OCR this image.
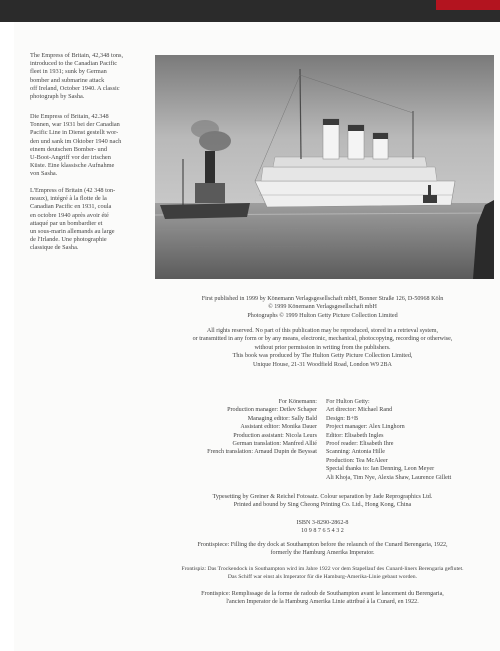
The Empress of Britain, 42,348 tons,

introduced to the Canadian Pacific

fleet in 1931; sunk by German

bomber and submarine attack

off Ireland, October 1940. A classic

photograph by Sasha.

Die Empress of Britain, 42.348

Tonnen, war 1931 bei der Canadian

Pacific Line in Dienst gestellt wor-

den und sank im Oktober 1940 nach

einem deutschen Bomber- und

U-Boot-Angriff vor der irischen

Küste. Eine klassische Aufnahme

von Sasha.

L'Empress of Britain (42 348 ton-

neaux), intégré à la flotte de la

Canadian Pacific en 1931, coula

en octobre 1940 après avoir été

attaqué par un bombardier et

un sous-marin allemands au large

de l'Irlande. Une photographie

classique de Sasha.

First published in 1999 by Könemann Verlagsgesellschaft mbH, Bonner Straße 126, D-50968 Köln
© 1999 Könemann Verlagsgesellschaft mbH
Photographs © 1999 Hulton Getty Picture Collection Limited
All rights reserved. No part of this publication may be reproduced, stored in a retrieval system,
or transmitted in any form or by any means, electronic, mechanical, photocopying, recording or otherwise,
without prior permission in writing from the publishers.
This book was produced by The Hulton Getty Picture Collection Limited,
Unique House, 21-31 Woodfield Road, London W9 2BA
For Könemann:
Production manager: Detlev Schaper
Managing editor: Sally Bald
Assistant editor: Monika Dauer
Production assistant: Nicola Leurs
German translation: Manfred Allié
French translation: Arnaud Dupin de Beyssat
For Hulton Getty:
Art director: Michael Rand
Design: B+B
Project manager: Alex Linghorn
Editor: Elisabeth Ingles
Proof reader: Elisabeth Ihre
Scanning: Antonia Hille
Production: Tea McAleer
Special thanks to: Ian Denning, Leon Meyer
Ali Khoja, Tim Nye, Alexia Shaw, Laurence Gillett
Typesetting by Greiner & Reichel Fotosatz. Colour separation by Jade Reprographics Ltd.
Printed and bound by Sing Cheong Printing Co. Ltd., Hong Kong, China
ISBN 3-8290-2862-8
10 9 8 7 6 5 4 3 2
Frontispiece: Filling the dry dock at Southampton before the relaunch of the Cunard Berengaria, 1922,
formerly the Hamburg Amerika Imperator.
Frontispiz: Das Trockendock in Southampton wird im Jahre 1922 vor dem Stapellauf des Cunard-liners Berengaria geflutet.
Das Schiff war einst als Imperator für die Hamburg-Amerika-Linie gebaut worden.
Frontispice: Remplissage de la forme de radoub de Southampton avant le lancement du Berengaria,
l'ancien Imperator de la Hamburg Amerika Linie attribué à la Cunard, en 1922.
